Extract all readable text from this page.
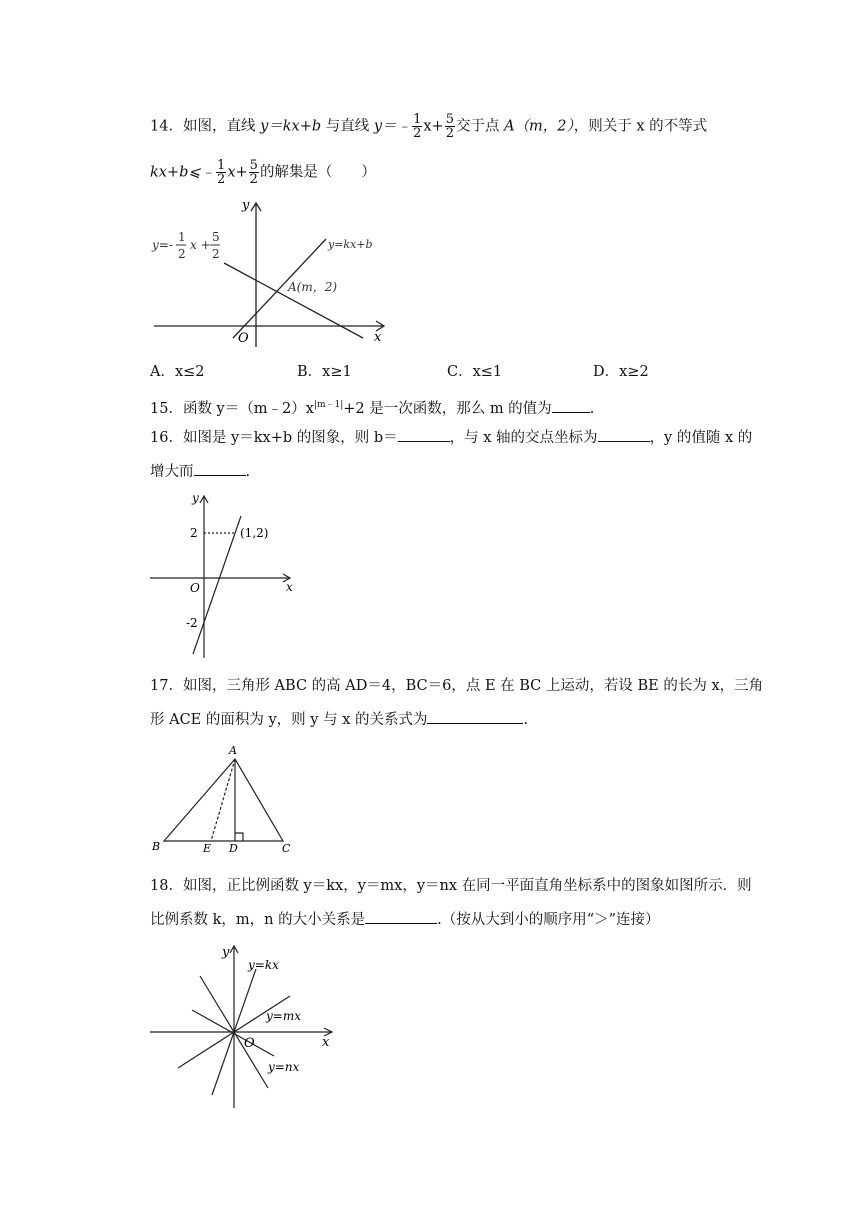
14．如图，直线 y＝kx+b 与直线 y＝﹣ $\frac{1}{2} x+ \frac{5}{2}$ 交于点 A（m，2），则关于 x 的不等式
kx+b⩽﹣ $\frac{1}{2} x+ \frac{5}{2}$ 的解集是（　　）
y
x
O
y=-
1
2
x +
5
2
y=kx+b
A(m，2)
A．x≤2	B．x≥1	C．x≤1	D．x≥2
15．函数 $y=(m﹣2)x^{|m﹣1|}+2$ 是一次函数，那么 m 的值为	.
16．如图是 y＝kx+b 的图象，则 b＝	，与 x 轴的交点坐标为	，y 的值随 x 的
增大而	.
y
x
O
2
-2
(1,2)
17．如图，三角形 ABC 的高 AD＝4，BC＝6，点 E 在 BC 上运动，若设 BE 的长为 x，三角
形 ACE 的面积为 y，则 y 与 x 的关系式为	.
A
B	C
D
E
18．如图，正比例函数 y＝kx，y＝mx，y＝nx 在同一平面直角坐标系中的图象如图所示．则
比例系数 k，m，n 的大小关系是	.（按从大到小的顺序用“＞”连接）
y
x
O
y=kx
y=mx
y=nx
